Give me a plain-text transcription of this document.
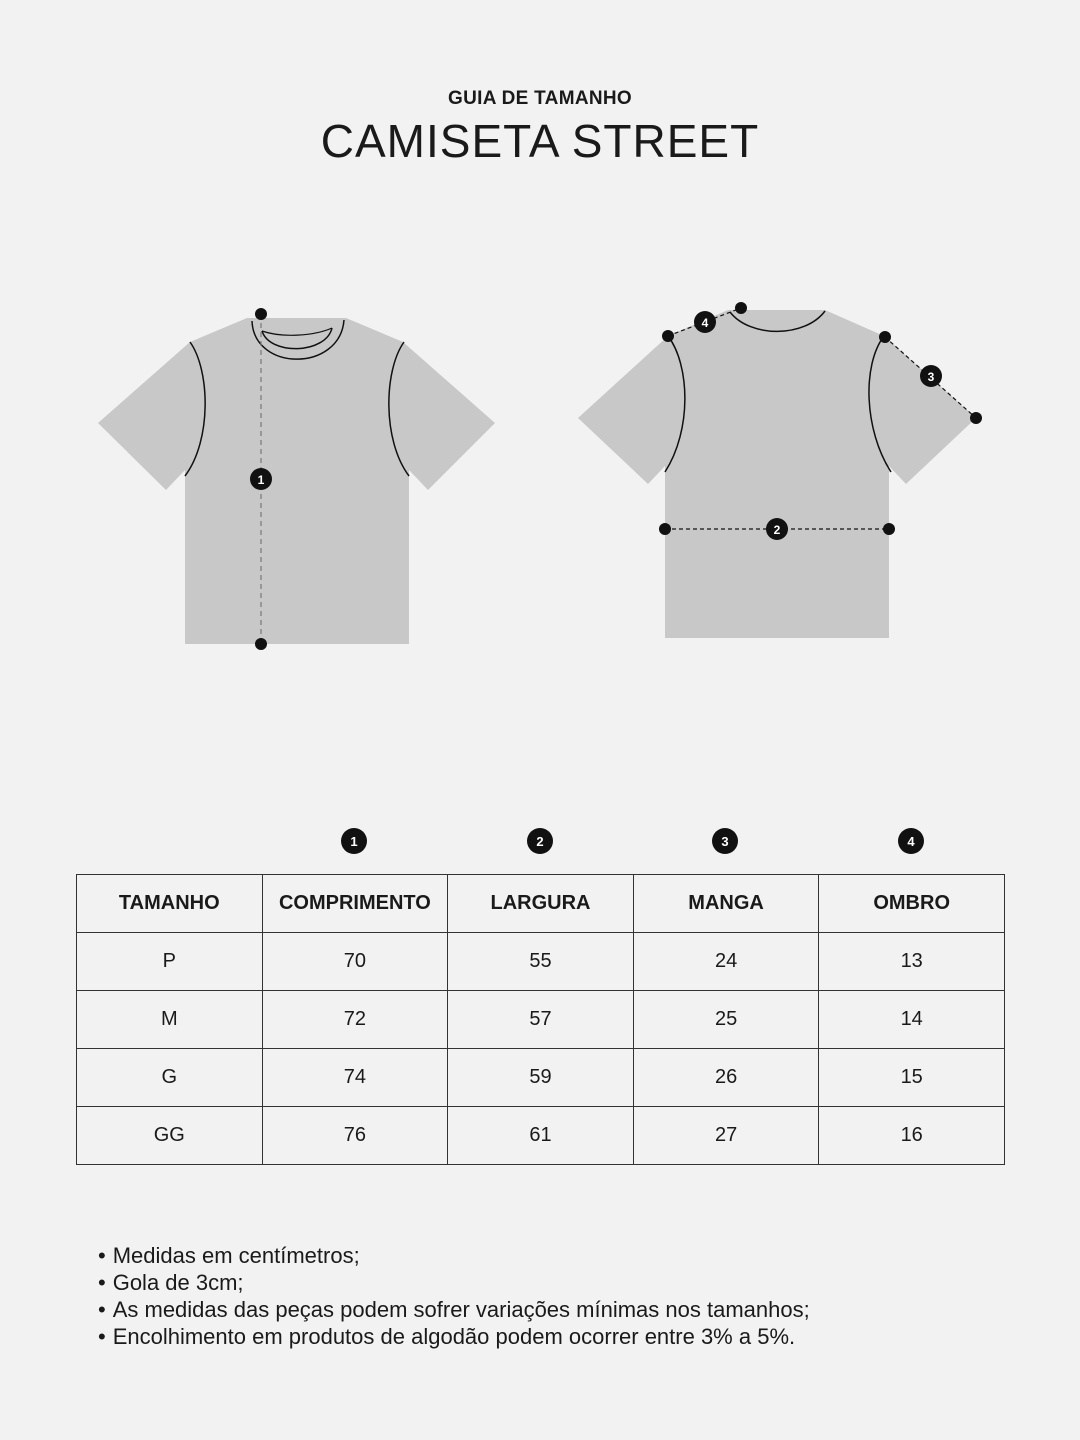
GUIA DE TAMANHO
CAMISETA STREET
1
4
3
2
1	2	3	4
TAMANHO	COMPRIMENTO	LARGURA	MANGA	OMBRO
P	70	55	24	13
M	72	57	25	14
G	74	59	26	15
GG	76	61	27	16
• Medidas em centímetros;
• Gola de 3cm;
• As medidas das peças podem sofrer variações mínimas nos tamanhos;
• Encolhimento em produtos de algodão podem ocorrer entre 3% a 5%.
